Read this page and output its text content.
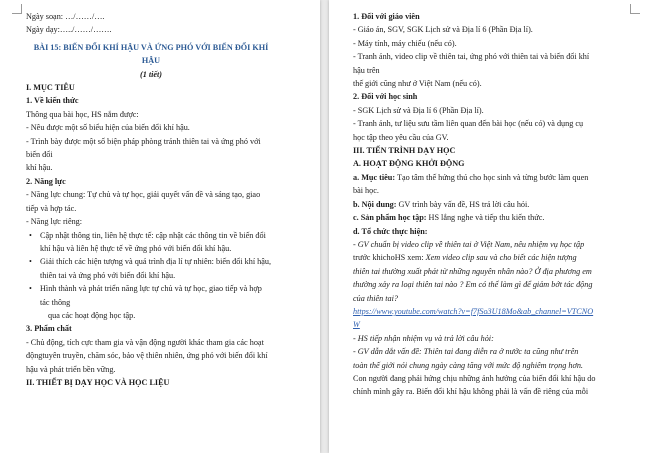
Ngày soạn: …/……/….

Ngày dạy:…../……/…….

BÀI 15: BIẾN ĐỔI KHÍ HẬU VÀ ỨNG PHÓ VỚI BIẾN ĐỔI KHÍ

HẬU

(1 tiết)

I. MỤC TIÊU

1. Về kiến thức

Thông qua bài học, HS nắm được:

- Nêu được một số biểu hiện của biến đổi khí hậu.

- Trình bày được một số biện pháp phòng tránh thiên tai và ứng phó với

biến đổi

khí hậu.

2. Năng lực

- Năng lực chung: Tự chủ và tự học, giải quyết vấn đề và sáng tạo, giao

tiếp và hợp tác.

- Năng lực riêng:

• Cập nhật thông tin, liên hệ thực tế: cập nhật các thông tin về biến đổi

khí hậu và liên hệ thực tế về ứng phó với biến đổi khí hậu.

• Giải thích các hiện tượng và quá trình địa lí tự nhiên: biến đổi khí hậu,

thiên tai và ứng phó với biến đổi khí hậu.

• Hình thành và phát triển năng lực tự chủ và tự học, giao tiếp và hợp

tác thông

qua các hoạt động học tập.

3. Phẩm chất

- Chủ động, tích cực tham gia và vận động người khác tham gia các hoạt

độngtuyên truyền, chăm sóc, bảo vệ thiên nhiên, ứng phó với biến đổi khí

hậu và phát triển bền vững.

II. THIẾT BỊ DẠY HỌC VÀ HỌC LIỆU

1. Đối với giáo viên

- Giáo án, SGV, SGK Lịch sử và Địa lí 6 (Phần Địa lí).

- Máy tính, máy chiếu (nếu có).

- Tranh ảnh, video clip về thiên tai, ứng phó với thiên tai và biến đổi khí

hậu trên

thế giới cũng như ở Việt Nam (nếu có).

2. Đối với học sinh

- SGK Lịch sử và Địa lí 6 (Phần Địa lí).

- Tranh ảnh, tư liệu sưu tầm liên quan đến bài học (nếu có) và dụng cụ

học tập theo yêu cầu của GV.

III. TIẾN TRÌNH DẠY HỌC

A. HOẠT ĐỘNG KHỞI ĐỘNG

a. Mục tiêu: Tạo tâm thế hứng thú cho học sinh và từng bước làm quen

bài học.

b. Nội dung: GV trình bày vấn đề, HS trả lời câu hỏi.

c. Sản phẩm học tập: HS lắng nghe và tiếp thu kiến thức.

d. Tổ chức thực hiện:

- GV chuẩn bị video clip về thiên tai ở Việt Nam, nêu nhiệm vụ học tập

trước khichoHS xem: Xem video clip sau và cho biết các hiện tượng

thiên tai thường xuất phát từ những nguyên nhân nào? Ở địa phương em

thường xảy ra loại thiên tai nào ? Em có thể làm gì để giảm bớt tác động

của thiên tai?

https://www.youtube.com/watch?v=f7fSo3U18Mo&ab_channel=VTCNO

W

- HS tiếp nhận nhiệm vụ và trả lời câu hỏi:

- GV dẫn dắt vấn đề: Thiên tai đang diễn ra ở nước ta cũng như trên

toàn thế giới nói chung ngày càng tăng với mức độ nghiêm trọng hơn.

Con người đang phải hứng chịu những ảnh hưởng của biến đổi khí hậu do

chính mình gây ra. Biến đổi khí hậu không phải là vấn đề riêng của mỗi
